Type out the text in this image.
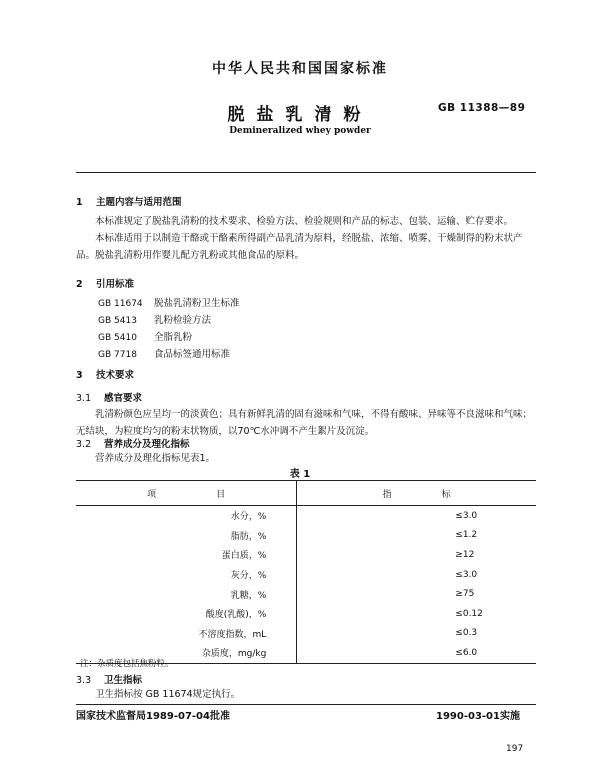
中华人民共和国国家标准
脱盐乳清粉	GB 11388—89
Demineralized whey powder
1 主题内容与适用范围
本标准规定了脱盐乳清粉的技术要求、检验方法、检验规则和产品的标志、包装、运输、贮存要求。
本标准适用于以制造干酪或干酪素所得副产品乳清为原料，经脱盐、浓缩、喷雾、干燥制得的粉末状产品。脱盐乳清粉用作婴儿配方乳粉或其他食品的原料。
2 引用标准
GB 11674 脱盐乳清粉卫生标准
GB 5413 乳粉检验方法
GB 5410 全脂乳粉
GB 7718 食品标签通用标准
3 技术要求
3.1 感官要求
乳清粉颜色应呈均一的淡黄色；具有新鲜乳清的固有滋味和气味，不得有酸味、异味等不良滋味和气味；无结块，为粒度均匀的粉末状物质，以70℃水冲调不产生絮片及沉淀。
3.2 营养成分及理化指标
营养成分及理化指标见表1。
表 1
项目	指标
水分，%	≤3.0
脂肪，%	≤1.2
蛋白质，%	≥12
灰分，%	≤3.0
乳糖，%	≥75
酸度(乳酸)，%	≤0.12
不溶度指数，mL	≤0.3
杂质度，mg/kg	≤6.0
注：杂质度包括焦粉粒。
3.3 卫生指标
卫生指标按 GB 11674规定执行。
国家技术监督局1989-07-04批准	1990-03-01实施
197
